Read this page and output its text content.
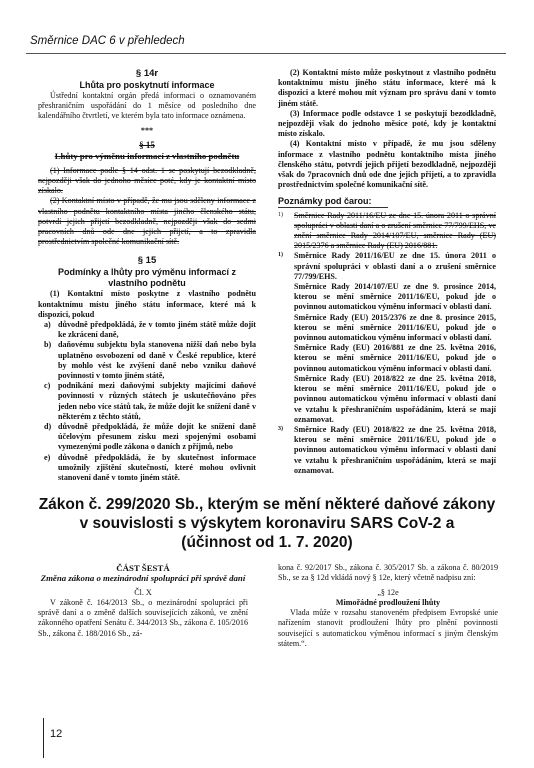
Směrnice DAC 6 v přehledech
§ 14r
Lhůta pro poskytnutí informace

Ústřední kontaktní orgán předá informaci o oznamovaném přeshraničním uspořádání do 1 měsíce od posledního dne kalendářního čtvrtletí, ve kterém byla tato informace oznámena.

***
§ 15
Lhůty pro výměnu informací z vlastního podnětu

(1) Informace podle § 14 odst. 1 se poskytují bezodkladně, nejpozději však do jednoho měsíce poté, kdy je kontaktní místo získalo.

(2) Kontaktní místo v případě, že mu jsou sděleny informace z vlastního podnětu kontaktního místa jiného členského státu, potvrdí jejich přijetí bezodkladně, nejpozději však do sedmi pracovních dnů ode dne jejich přijetí, a to zpravidla prostřednictvím společné komunikační sítě.

§ 15
Podmínky a lhůty pro výměnu informací z vlastního podnětu

(1) Kontaktní místo poskytne z vlastního podnětu kontaktnímu místu jiného státu informace, které má k dispozici, pokud

a) důvodně předpokládá, že v tomto jiném státě může dojít ke zkrácení daně,
b) daňovému subjektu byla stanovena nižší daň nebo byla uplatněno osvobození od daně v České republice, které by mohlo vést ke zvýšení daně nebo vzniku daňové povinnosti v tomto jiném státě,
c) podnikání mezi daňovými subjekty majícími daňové povinnosti v různých státech je uskutečňováno přes jeden nebo více států tak, že může dojít ke snížení daně v některém z těchto států,
d) důvodně předpokládá, že může dojít ke snížení daně účelovým přesunem zisku mezi spojenými osobami vymezenými podle zákona o daních z příjmů, nebo
e) důvodně předpokládá, že by skutečnost informace umožnily zjištění skutečností, které mohou ovlivnit stanovení daně v tomto jiném státě.

(2) Kontaktní místo může poskytnout z vlastního podnětu kontaktnímu místu jiného státu informace, které má k dispozici a které mohou mít význam pro správu daní v tomto jiném státě.

(3) Informace podle odstavce 1 se poskytují bezodkladně, nejpozději však do jednoho měsíce poté, kdy je kontaktní místo získalo.

(4) Kontaktní místo v případě, že mu jsou sděleny informace z vlastního podnětu kontaktního místa jiného členského státu, potvrdí jejich přijetí bezodkladně, nejpozději však do 7pracovních dnů ode dne jejich přijetí, a to zpravidla prostřednictvím společné komunikační sítě.

Poznámky pod čarou:
1)	Směrnice Rady 2011/16/EU ze dne 15. února 2011 o správní spolupráci v oblasti daní a o zrušení směrnice 77/799/EHS, ve znění směrnice Rady 2014/107/EU, směrnice Rady (EU) 2015/2376 a směrnice Rady (EU) 2016/881.
1)	Směrnice Rady 2011/16/EU ze dne 15. února 2011 o správní spolupráci v oblasti daní a o zrušení směrnice 77/799/EHS.
Směrnice Rady 2014/107/EU ze dne 9. prosince 2014, kterou se mění směrnice 2011/16/EU, pokud jde o povinnou automatickou výměnu informací v oblasti daní.
Směrnice Rady (EU) 2015/2376 ze dne 8. prosince 2015, kterou se mění směrnice 2011/16/EU, pokud jde o povinnou automatickou výměnu informací v oblasti daní.
Směrnice Rady (EU) 2016/881 ze dne 25. května 2016, kterou se mění směrnice 2011/16/EU, pokud jde o povinnou automatickou výměnu informací v oblasti daní.
Směrnice Rady (EU) 2018/822 ze dne 25. května 2018, kterou se mění směrnice 2011/16/EU, pokud jde o povinnou automatickou výměnu informací v oblasti daní ve vztahu k přeshraničním uspořádáním, která se mají oznamovat.
3)	Směrnice Rady (EU) 2018/822 ze dne 25. května 2018, kterou se mění směrnice 2011/16/EU, pokud jde o povinnou automatickou výměnu informací v oblasti daní ve vztahu k přeshraničním uspořádáním, která se mají oznamovat.
Zákon č. 299/2020 Sb., kterým se mění některé daňové zákony
v souvislosti s výskytem koronaviru SARS CoV-2 a
(účinnost od 1. 7. 2020)
ČÁST ŠESTÁ
Změna zákona o mezinárodní spolupráci při správě daní
Čl. X

V zákoně č. 164/2013 Sb., o mezinárodní spolupráci při správě daní a o změně dalších souvisejících zákonů, ve znění zákonného opatření Senátu č. 344/2013 Sb., zákona č. 105/2016 Sb., zákona č. 188/2016 Sb., zá-

kona č. 92/2017 Sb., zákona č. 305/2017 Sb. a zákona č. 80/2019 Sb., se za § 12d vkládá nový § 12e, který včetně nadpisu zní:

„§ 12e
Mimořádné prodloužení lhůty

Vlada může v rozsahu stanoveném předpisem Evropské unie nařízením stanovit prodloužení lhůty pro plnění povinnosti související s automatickou výměnou informací s jiným členským státem.“.

12
